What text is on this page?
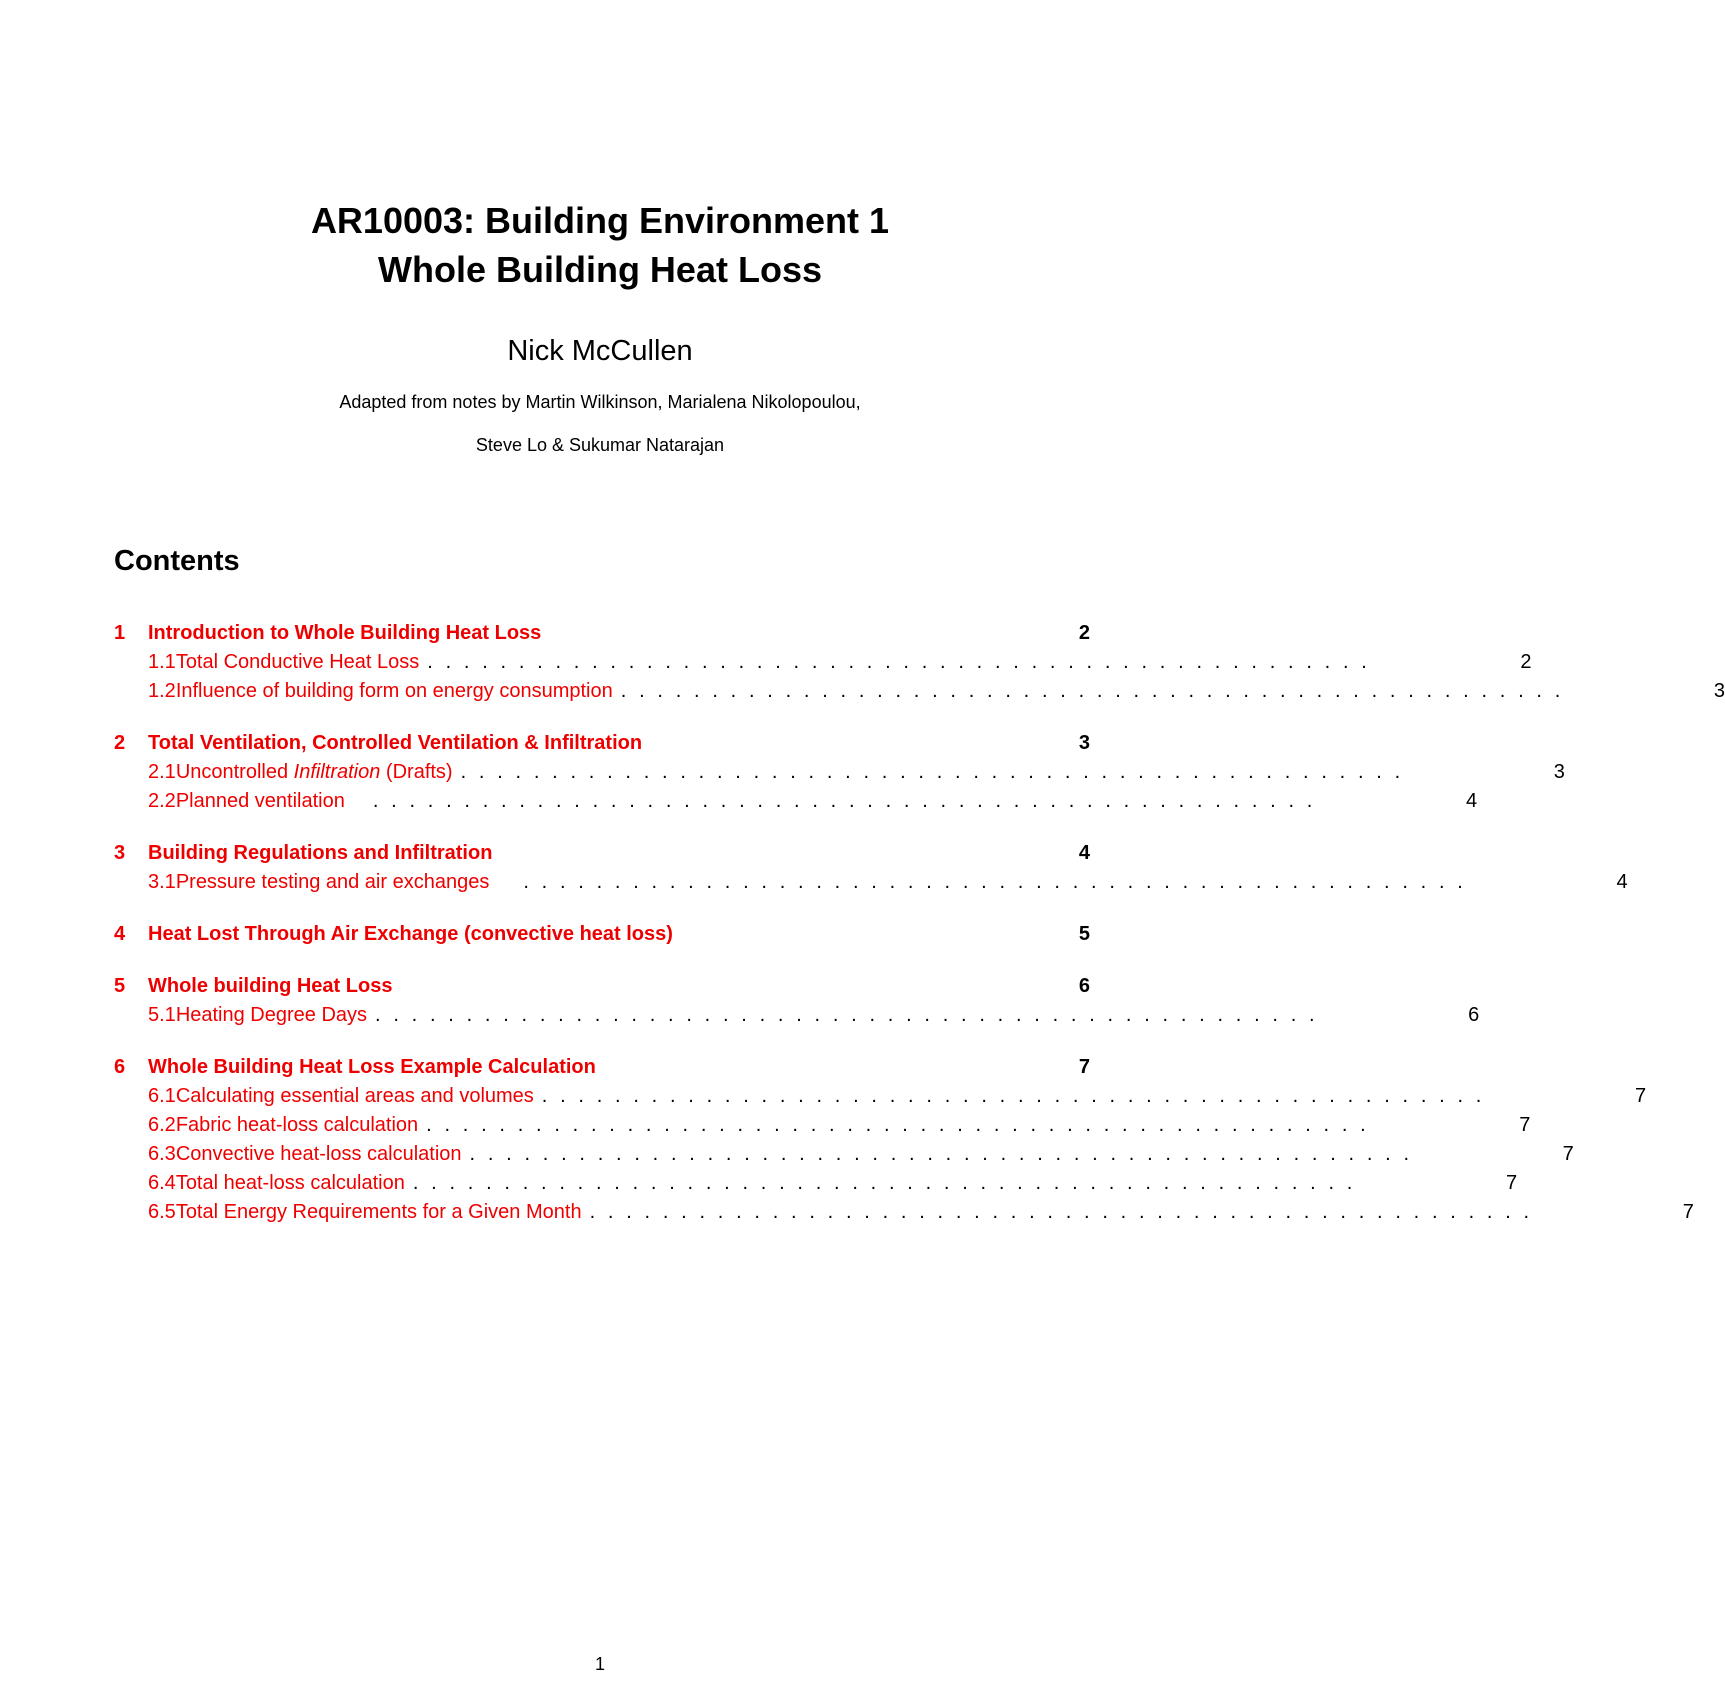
AR10003: Building Environment 1
Whole Building Heat Loss
Nick McCullen
Adapted from notes by Martin Wilkinson, Marialena Nikolopoulou,
Steve Lo & Sukumar Natarajan
Contents
1	Introduction to Whole Building Heat Loss	2
1.1 Total Conductive Heat Loss . . . . . . . . . . . . . . . . . . . . . . . . . . . . . . . . . . . . . . . . . . . . . . . . . . . .	2
1.2 Influence of building form on energy consumption . . . . . . . . . . . . . . . . . . . . . . . . . . . . . . . . . . . . . . . . . . . . . . . . . . . .	3
2	Total Ventilation, Controlled Ventilation & Infiltration	3
2.1 Uncontrolled Infiltration (Drafts) . . . . . . . . . . . . . . . . . . . . . . . . . . . . . . . . . . . . . . . . . . . . . . . . . . . .	3
2.2 Planned ventilation	. . . . . . . . . . . . . . . . . . . . . . . . . . . . . . . . . . . . . . . . . . . . . . . . . . . .	4
3	Building Regulations and Infiltration	4
3.1 Pressure testing and air exchanges	. . . . . . . . . . . . . . . . . . . . . . . . . . . . . . . . . . . . . . . . . . . . . . . . . . . .	4
4	Heat Lost Through Air Exchange (convective heat loss)	5
5	Whole building Heat Loss	6
5.1 Heating Degree Days . . . . . . . . . . . . . . . . . . . . . . . . . . . . . . . . . . . . . . . . . . . . . . . . . . . .	6
6	Whole Building Heat Loss Example Calculation	7
6.1 Calculating essential areas and volumes . . . . . . . . . . . . . . . . . . . . . . . . . . . . . . . . . . . . . . . . . . . . . . . . . . . .	7
6.2 Fabric heat-loss calculation . . . . . . . . . . . . . . . . . . . . . . . . . . . . . . . . . . . . . . . . . . . . . . . . . . . .	7
6.3 Convective heat-loss calculation . . . . . . . . . . . . . . . . . . . . . . . . . . . . . . . . . . . . . . . . . . . . . . . . . . . .	7
6.4 Total heat-loss calculation . . . . . . . . . . . . . . . . . . . . . . . . . . . . . . . . . . . . . . . . . . . . . . . . . . . .	7
6.5 Total Energy Requirements for a Given Month . . . . . . . . . . . . . . . . . . . . . . . . . . . . . . . . . . . . . . . . . . . . . . . . . . . .	7
1
